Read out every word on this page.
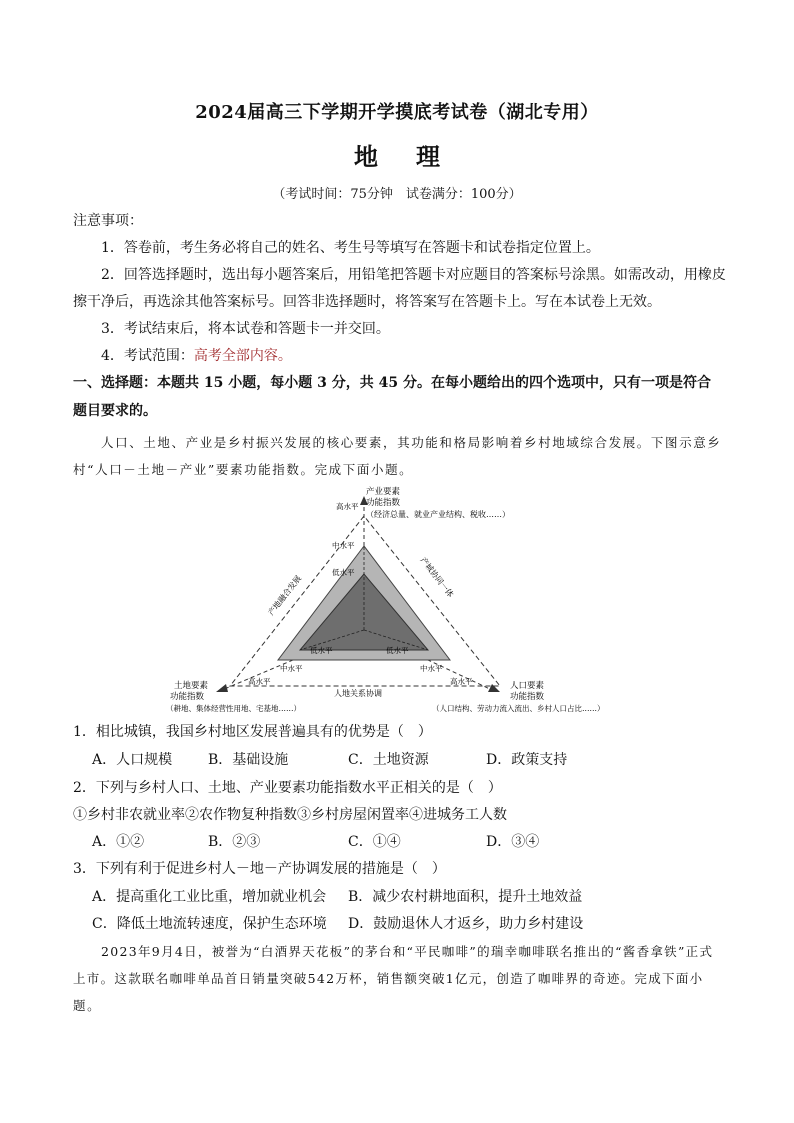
2024届高三下学期开学摸底考试卷（湖北专用）
地 理
（考试时间：75分钟　试卷满分：100分）
注意事项：
1．答卷前，考生务必将自己的姓名、考生号等填写在答题卡和试卷指定位置上。
2．回答选择题时，选出每小题答案后，用铅笔把答题卡对应题目的答案标号涂黑。如需改动，用橡皮
擦干净后，再选涂其他答案标号。回答非选择题时，将答案写在答题卡上。写在本试卷上无效。
3．考试结束后，将本试卷和答题卡一并交回。
4．考试范围：高考全部内容。
一、选择题：本题共 15 小题，每小题 3 分，共 45 分。在每小题给出的四个选项中，只有一项是符合
题目要求的。
人口、土地、产业是乡村振兴发展的核心要素，其功能和格局影响着乡村地域综合发展。下图示意乡
村“人口－土地－产业”要素功能指数。完成下面小题。
产业要素
功能指数
（经济总量、就业产业结构、税收……）
高水平
中水平
低水平
中水平	中水平
低水平	低水平
高水平	高水平
产地融合发展	产城协同一体
人地关系协调
土地要素
功能指数
（耕地、集体经营性用地、宅基地……）
人口要素
功能指数
（人口结构、劳动力流入流出、乡村人口占比……）
1．相比城镇，我国乡村地区发展普遍具有的优势是（　）
A．人口规模	B．基础设施	C．土地资源	D．政策支持
2．下列与乡村人口、土地、产业要素功能指数水平正相关的是（　）
①乡村非农就业率②农作物复种指数③乡村房屋闲置率④进城务工人数
A．①②	B．②③	C．①④	D．③④
3．下列有利于促进乡村人－地－产协调发展的措施是（　）
A．提高重化工业比重，增加就业机会 B．减少农村耕地面积，提升土地效益
C．降低土地流转速度，保护生态环境 D．鼓励退休人才返乡，助力乡村建设
2023年9月4日，被誉为“白酒界天花板”的茅台和“平民咖啡”的瑞幸咖啡联名推出的“酱香拿铁”正式
上市。这款联名咖啡单品首日销量突破542万杯，销售额突破1亿元，创造了咖啡界的奇迹。完成下面小
题。
